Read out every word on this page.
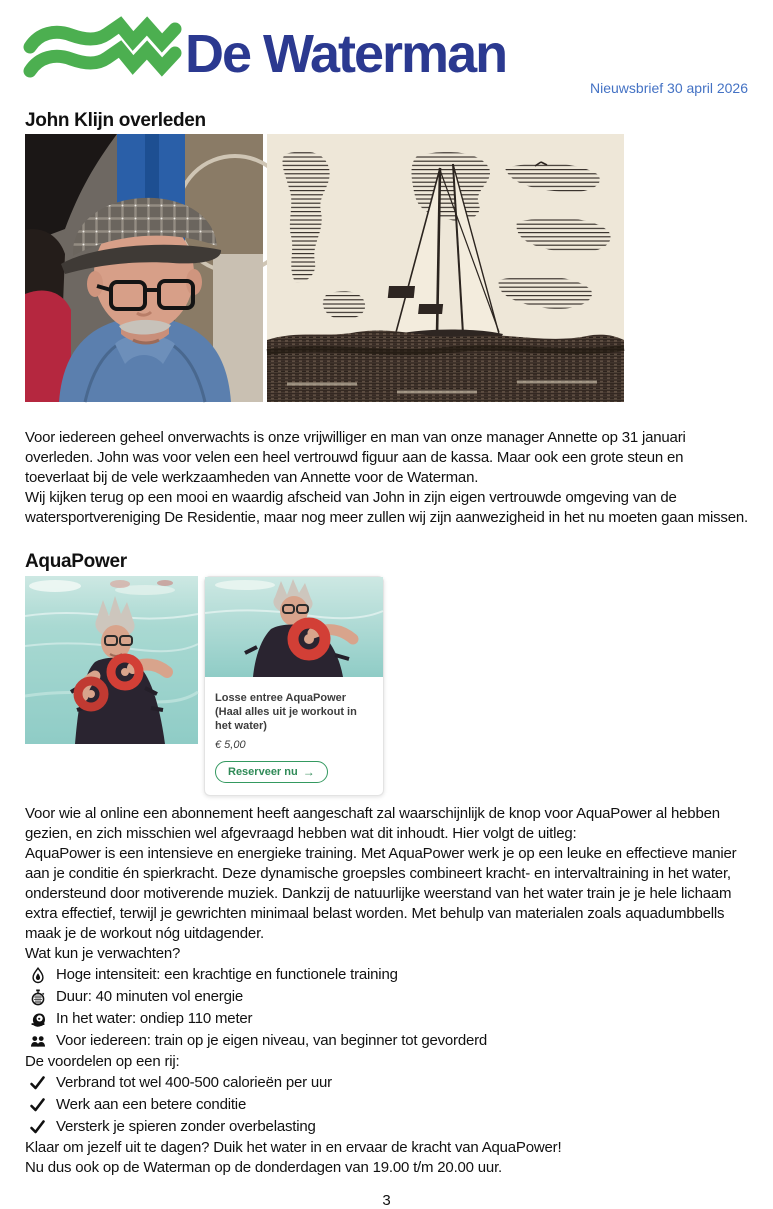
De Waterman
Nieuwsbrief 30 april 2026
John Klijn overleden

Voor iedereen geheel onverwachts is onze vrijwilliger en man van onze manager Annette op 31 januari overleden. John was voor velen een heel vertrouwd figuur aan de kassa. Maar ook een grote steun en toeverlaat bij de vele werkzaamheden van Annette voor de Waterman.

Wij kijken terug op een mooi en waardig afscheid van John in zijn eigen vertrouwde omgeving van de watersportvereniging De Residentie, maar nog meer zullen wij zijn aanwezigheid in het nu moeten gaan missen.

AquaPower
Losse entree AquaPower (Haal alles uit je workout in het water)
€ 5,00
Reserveer nu →

Voor wie al online een abonnement heeft aangeschaft zal waarschijnlijk de knop voor AquaPower al hebben gezien, en zich misschien wel afgevraagd hebben wat dit inhoudt. Hier volgt de uitleg:

AquaPower is een intensieve en energieke training. Met AquaPower werk je op een leuke en effectieve manier aan je conditie én spierkracht. Deze dynamische groepsles combineert kracht- en intervaltraining in het water, ondersteund door motiverende muziek. Dankzij de natuurlijke weerstand van het water train je je hele lichaam extra effectief, terwijl je gewrichten minimaal belast worden. Met behulp van materialen zoals aquadumbbells maak je de workout nóg uitdagender.

Wat kun je verwachten?

Hoge intensiteit: een krachtige en functionele training
Duur: 40 minuten vol energie
In het water: ondiep 110 meter
Voor iedereen: train op je eigen niveau, van beginner tot gevorderd
De voordelen op een rij:
Verbrand tot wel 400-500 calorieën per uur
Werk aan een betere conditie
Versterk je spieren zonder overbelasting
Klaar om jezelf uit te dagen? Duik het water in en ervaar de kracht van AquaPower!
Nu dus ook op de Waterman op de donderdagen van 19.00 t/m 20.00 uur.
3
